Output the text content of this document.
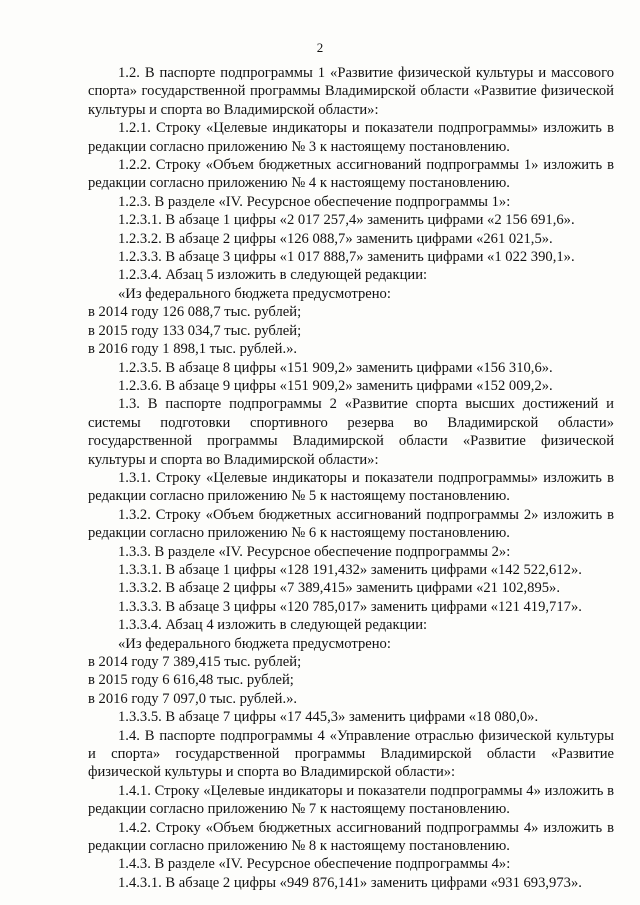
2

1.2. В паспорте подпрограммы 1 «Развитие физической культуры и массового спорта» государственной программы Владимирской области «Развитие физической культуры и спорта во Владимирской области»:

1.2.1. Строку «Целевые индикаторы и показатели подпрограммы» изложить в редакции согласно приложению № 3 к настоящему постановлению.

1.2.2. Строку «Объем бюджетных ассигнований подпрограммы 1» изложить в редакции согласно приложению № 4 к настоящему постановлению.

1.2.3. В разделе «IV. Ресурсное обеспечение подпрограммы 1»:

1.2.3.1. В абзаце 1 цифры «2 017 257,4» заменить цифрами «2 156 691,6».

1.2.3.2. В абзаце 2 цифры «126 088,7» заменить цифрами «261 021,5».

1.2.3.3. В абзаце 3 цифры «1 017 888,7» заменить цифрами «1 022 390,1».

1.2.3.4. Абзац 5 изложить в следующей редакции:

«Из федерального бюджета предусмотрено:

в 2014 году 126 088,7 тыс. рублей;

в 2015 году 133 034,7 тыс. рублей;

в 2016 году 1 898,1 тыс. рублей.».

1.2.3.5. В абзаце 8 цифры «151 909,2» заменить цифрами «156 310,6».

1.2.3.6. В абзаце 9 цифры «151 909,2» заменить цифрами «152 009,2».

1.3. В паспорте подпрограммы 2 «Развитие спорта высших достижений и системы подготовки спортивного резерва во Владимирской области» государственной программы Владимирской области «Развитие физической культуры и спорта во Владимирской области»:

1.3.1. Строку «Целевые индикаторы и показатели подпрограммы» изложить в редакции согласно приложению № 5 к настоящему постановлению.

1.3.2. Строку «Объем бюджетных ассигнований подпрограммы 2» изложить в редакции согласно приложению № 6 к настоящему постановлению.

1.3.3. В разделе «IV. Ресурсное обеспечение подпрограммы 2»:

1.3.3.1. В абзаце 1 цифры «128 191,432» заменить цифрами «142 522,612».

1.3.3.2. В абзаце 2 цифры «7 389,415» заменить цифрами «21 102,895».

1.3.3.3. В абзаце 3 цифры «120 785,017» заменить цифрами «121 419,717».

1.3.3.4. Абзац 4 изложить в следующей редакции:

«Из федерального бюджета предусмотрено:

в 2014 году 7 389,415 тыс. рублей;

в 2015 году 6 616,48 тыс. рублей;

в 2016 году 7 097,0 тыс. рублей.».

1.3.3.5. В абзаце 7 цифры «17 445,3» заменить цифрами «18 080,0».

1.4. В паспорте подпрограммы 4 «Управление отраслью физической культуры и спорта» государственной программы Владимирской области «Развитие физической культуры и спорта во Владимирской области»:

1.4.1. Строку «Целевые индикаторы и показатели подпрограммы 4» изложить в редакции согласно приложению № 7 к настоящему постановлению.

1.4.2. Строку «Объем бюджетных ассигнований подпрограммы 4» изложить в редакции согласно приложению № 8 к настоящему постановлению.

1.4.3. В разделе «IV. Ресурсное обеспечение подпрограммы 4»:

1.4.3.1. В абзаце 2 цифры «949 876,141» заменить цифрами «931 693,973».
